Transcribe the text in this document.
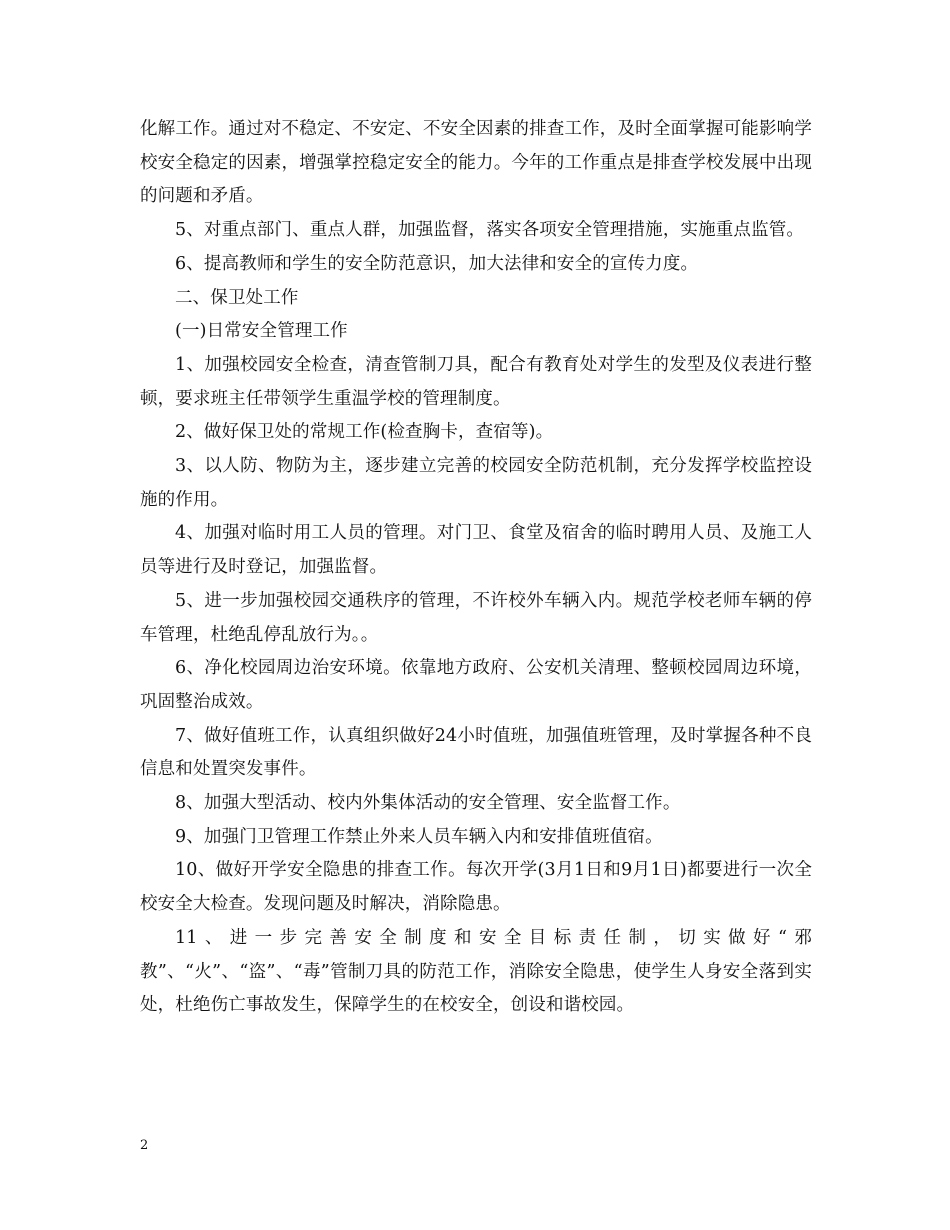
化解工作。通过对不稳定、不安定、不安全因素的排查工作，及时全面掌握可能影响学校安全稳定的因素，增强掌控稳定安全的能力。今年的工作重点是排查学校发展中出现的问题和矛盾。

5、对重点部门、重点人群，加强监督，落实各项安全管理措施，实施重点监管。

6、提高教师和学生的安全防范意识，加大法律和安全的宣传力度。

二、保卫处工作

(一)日常安全管理工作

1、加强校园安全检查，清查管制刀具，配合有教育处对学生的发型及仪表进行整顿，要求班主任带领学生重温学校的管理制度。

2、做好保卫处的常规工作(检查胸卡，查宿等)。

3、以人防、物防为主，逐步建立完善的校园安全防范机制，充分发挥学校监控设施的作用。

4、加强对临时用工人员的管理。对门卫、食堂及宿舍的临时聘用人员、及施工人员等进行及时登记，加强监督。

5、进一步加强校园交通秩序的管理，不许校外车辆入内。规范学校老师车辆的停车管理，杜绝乱停乱放行为。。

6、净化校园周边治安环境。依靠地方政府、公安机关清理、整顿校园周边环境，巩固整治成效。

7、做好值班工作，认真组织做好24小时值班，加强值班管理，及时掌握各种不良信息和处置突发事件。

8、加强大型活动、校内外集体活动的安全管理、安全监督工作。

9、加强门卫管理工作禁止外来人员车辆入内和安排值班值宿。

10、做好开学安全隐患的排查工作。每次开学(3月1日和9月1日)都要进行一次全校安全大检查。发现问题及时解决，消除隐患。

11、进一步完善安全制度和安全目标责任制，切实做好“邪教”、“火”、“盗”、“毒”管制刀具的防范工作，消除安全隐患，使学生人身安全落到实处，杜绝伤亡事故发生，保障学生的在校安全，创设和谐校园。

2
